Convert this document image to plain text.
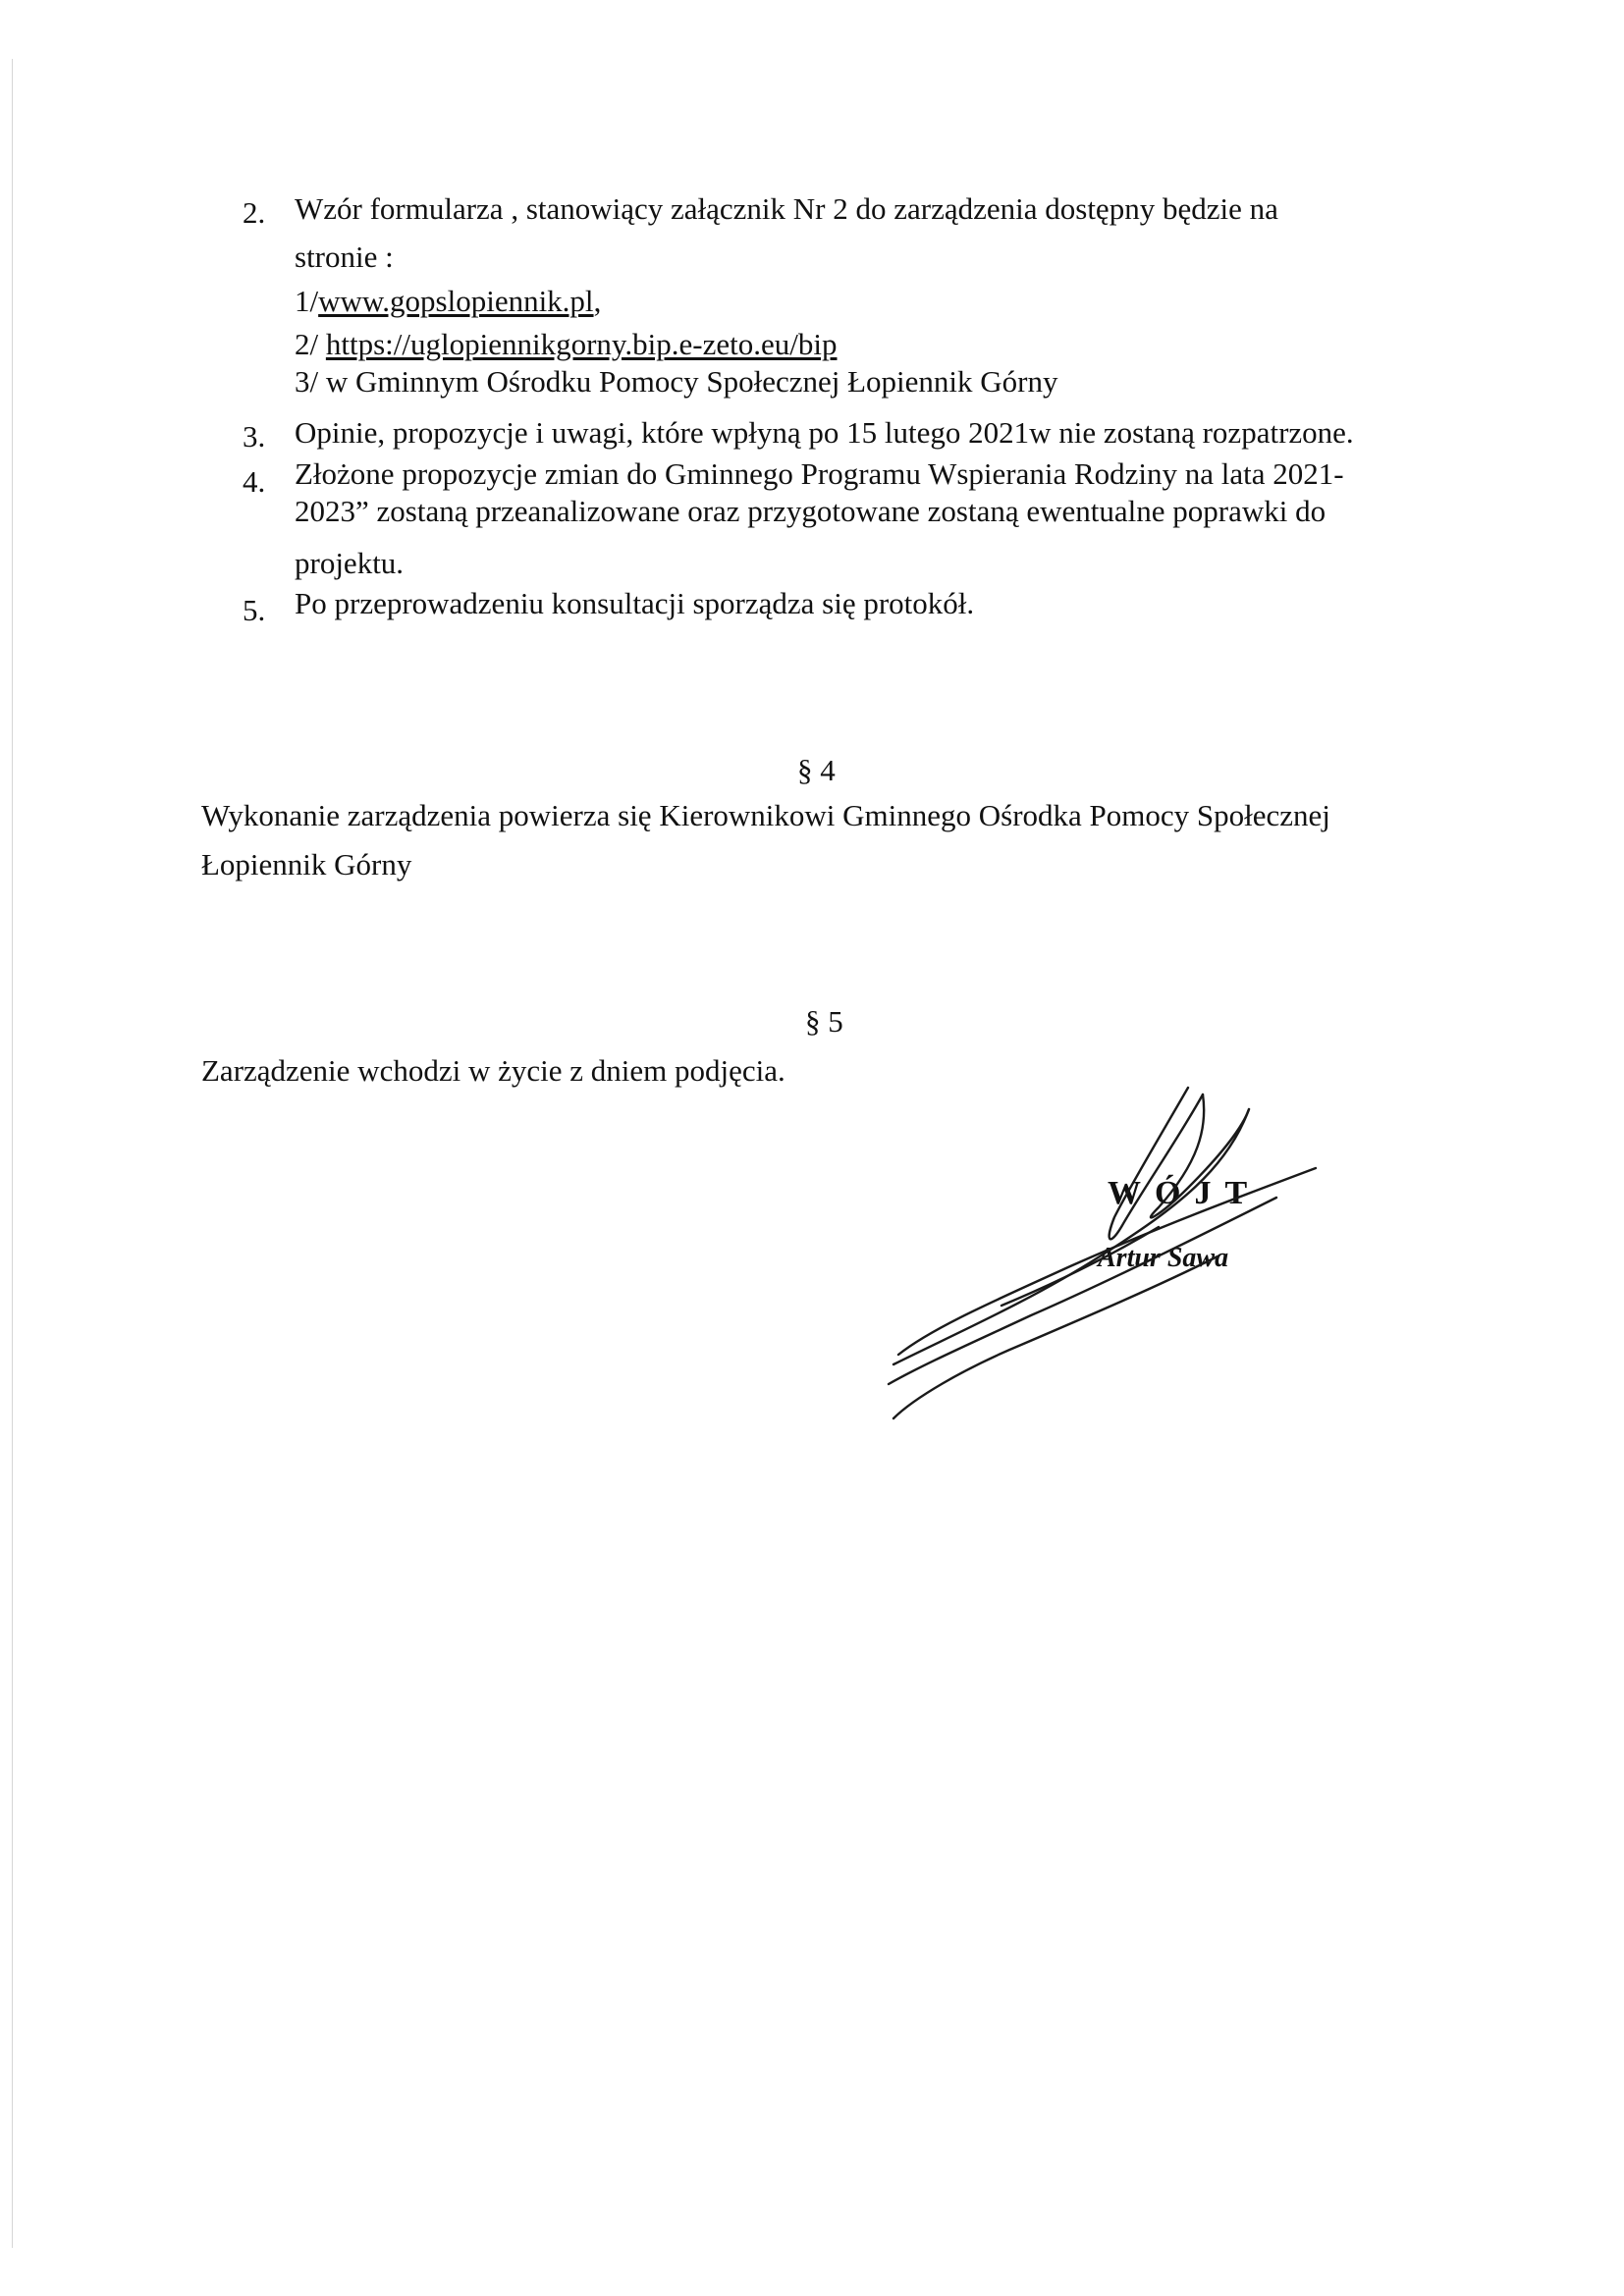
2. Wzór formularza , stanowiący załącznik Nr 2 do zarządzenia dostępny będzie na
stronie :
1/www.gopslopiennik.pl,
2/ https://uglopiennikgorny.bip.e-zeto.eu/bip
3/ w Gminnym Ośrodku Pomocy Społecznej Łopiennik Górny
3. Opinie, propozycje i uwagi, które wpłyną po 15 lutego 2021w nie zostaną rozpatrzone.
4. Złożone propozycje zmian do Gminnego Programu Wspierania Rodziny na lata 2021-
2023” zostaną przeanalizowane oraz przygotowane zostaną ewentualne poprawki do
projektu.
5. Po przeprowadzeniu konsultacji sporządza się protokół.
§ 4
Wykonanie zarządzenia powierza się Kierownikowi Gminnego Ośrodka Pomocy Społecznej
Łopiennik Górny
§ 5
Zarządzenie wchodzi w życie z dniem podjęcia.
WÓJT
Artur Sawa
